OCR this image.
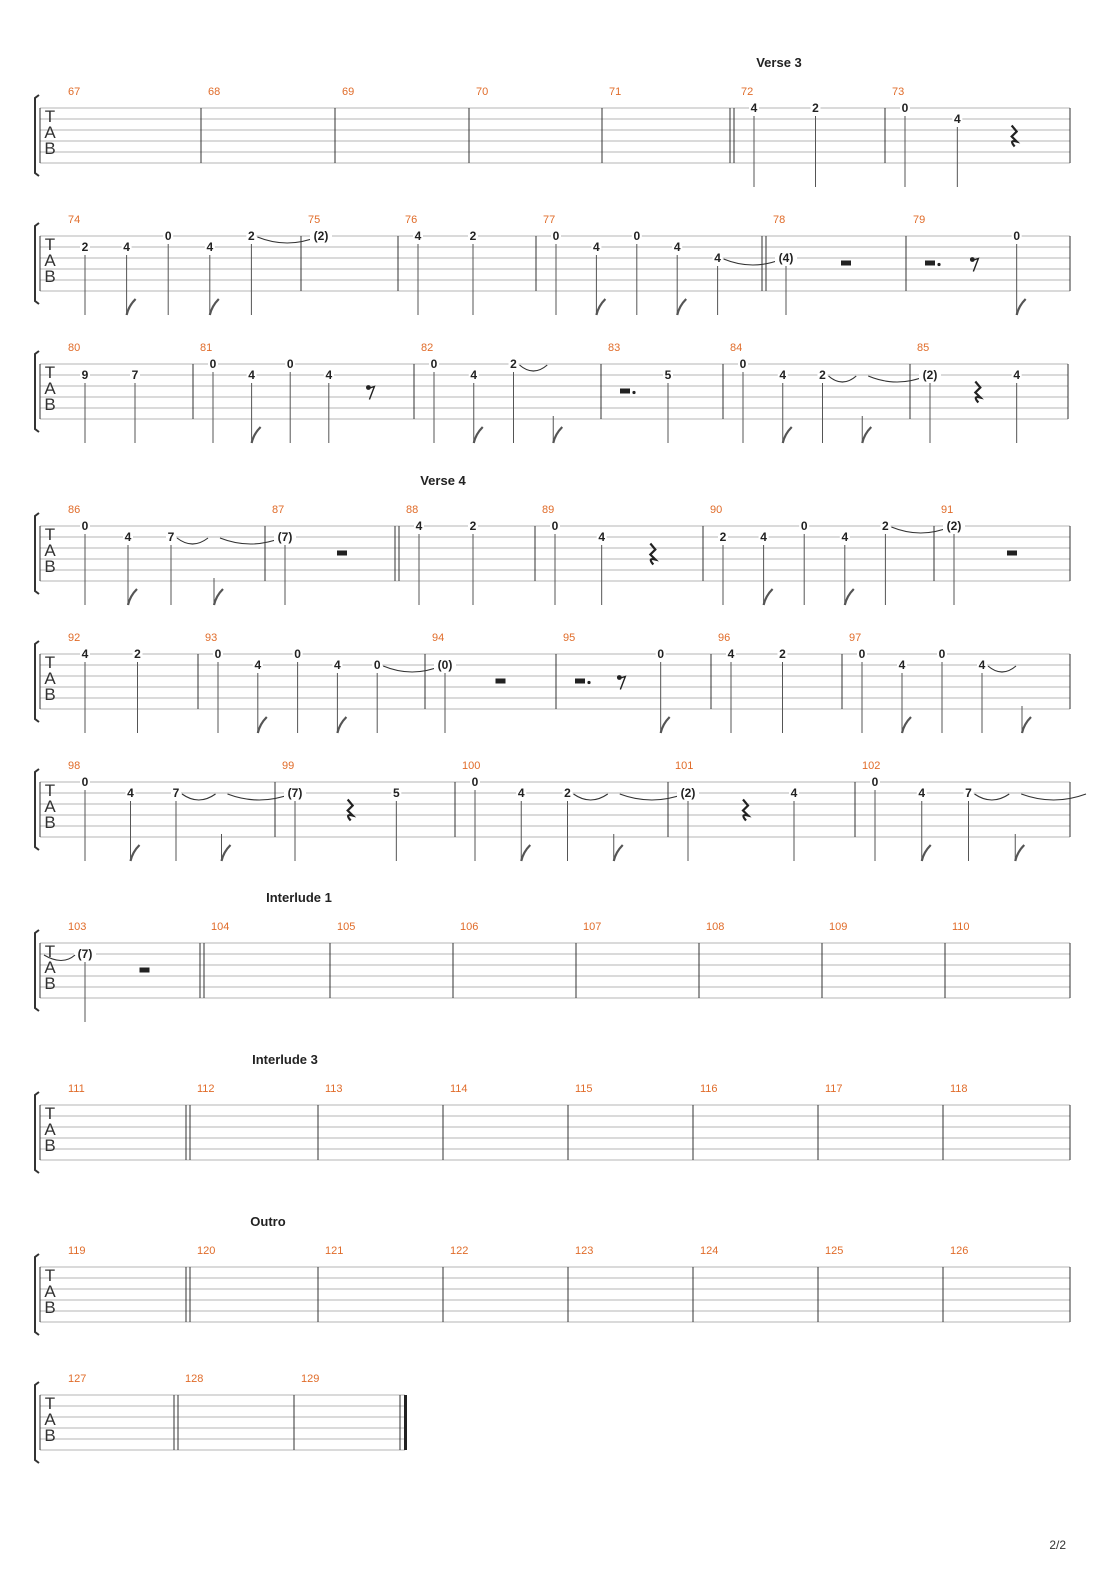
Verse 3
T
A
B
67	68	69	70	71	72
4	2
73
0
4
T
A
B
74
2	4
0
4
2
75
(2)
76
4	2
77
0
4
0
4
4
78
(4)
79
0
T
A
B
80
9	7
81
0
4
0
4
82
0
4
2
83
5
84
0
4	2
85
(2)	4
Verse 4
T
A
B
86
0
4	7
87
(7)
88
4	2
89
0
4
90
2	4
0
4
2
91
(2)
T
A
B
92
4	2
93
0
4
0
4	0
94
(0)
95
0
96
4	2
97
0
4
0
4
T
A
B
98
0
4	7
99
(7)	5
100
0
4	2
101
(2)	4
102
0
4	7
Interlude 1
T
A
B
103
(7)
104	105	106	107	108	109	110
Interlude 3
T
A
B
111	112	113	114	115	116	117	118
Outro
T
A
B
119	120	121	122	123	124	125	126
T
A
B
127	128	129
2/2
